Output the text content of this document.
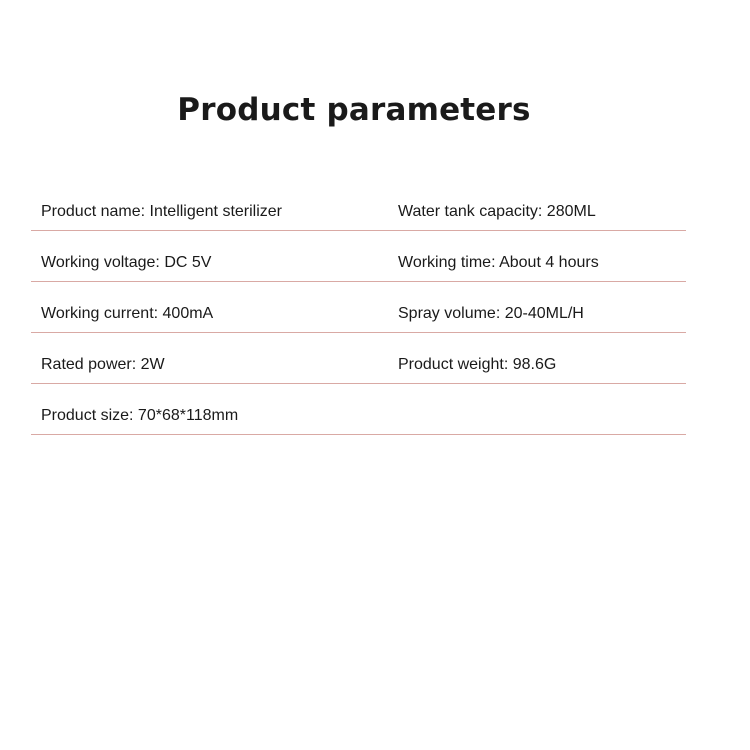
Product parameters
Product name: Intelligent sterilizer	Water tank capacity: 280ML
Working voltage: DC 5V	Working time: About 4 hours
Working current: 400mA	Spray volume: 20-40ML/H
Rated power: 2W	Product weight: 98.6G
Product size: 70*68*118mm
